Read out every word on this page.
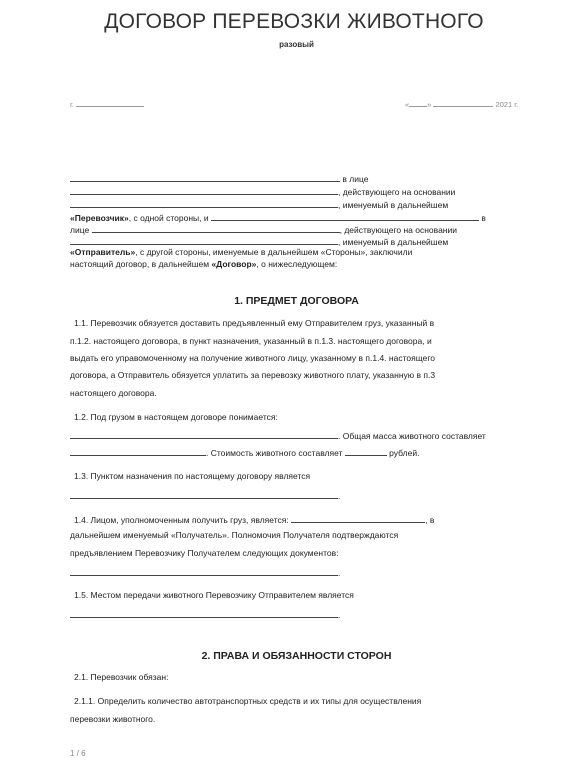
ДОГОВОР ПЕРЕВОЗКИ ЖИВОТНОГО
разовый
г.	« »	2021 г.
в лице
, действующего на основании
, именуемый в дальнейшем
«Перевозчик», с одной стороны, и	в
лице	, действующего на основании
, именуемый в дальнейшем
«Отправитель», с другой стороны, именуемые в дальнейшем «Стороны», заключили
настоящий договор, в дальнейшем «Договор», о нижеследующем:
1. ПРЕДМЕТ ДОГОВОРА
1.1. Перевозчик обязуется доставить предъявленный ему Отправителем груз, указанный в
п.1.2. настоящего договора, в пункт назначения, указанный в п.1.3. настоящего договора, и
выдать его управомоченному на получение животного лицу, указанному в п.1.4. настоящего
договора, а Отправитель обязуется уплатить за перевозку животного плату, указанную в п.3
настоящего договора.
1.2. Под грузом в настоящем договоре понимается:
. Общая масса животного составляет
. Стоимость животного составляет	рублей.
1.3. Пунктом назначения по настоящему договору является
.
1.4. Лицом, уполномоченным получить груз, является:	, в
дальнейшем именуемый «Получатель». Полномочия Получателя подтверждаются
предъявлением Перевозчику Получателем следующих документов:
.
1.5. Местом передачи животного Перевозчику Отправителем является
.
2. ПРАВА И ОБЯЗАННОСТИ СТОРОН
2.1. Перевозчик обязан:
2.1.1. Определить количество автотранспортных средств и их типы для осуществления
перевозки животного.
1 / 6
